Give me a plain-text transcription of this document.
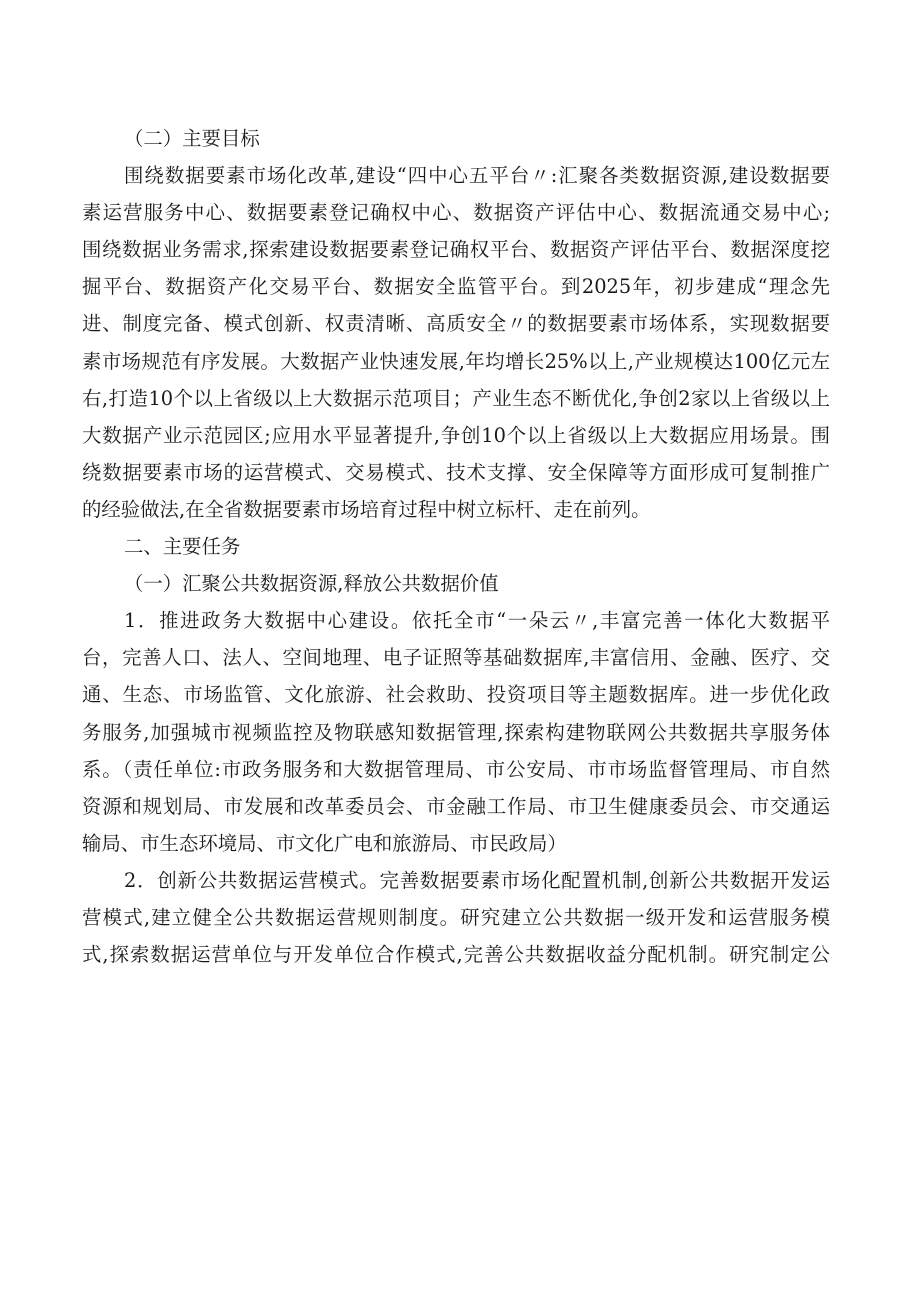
（二）主要目标
围绕数据要素市场化改革,建设“四中心五平台〃:汇聚各类数据资源,建设数据要
素运营服务中心、数据要素登记确权中心、数据资产评估中心、数据流通交易中心;
围绕数据业务需求,探索建设数据要素登记确权平台、数据资产评估平台、数据深度挖
掘平台、数据资产化交易平台、数据安全监管平台。到2025年，初步建成“理念先
进、制度完备、模式创新、权责清晰、高质安全〃的数据要素市场体系，实现数据要
素市场规范有序发展。大数据产业快速发展,年均增长25%以上,产业规模达100亿元左
右,打造10个以上省级以上大数据示范项目；产业生态不断优化,争创2家以上省级以上
大数据产业示范园区;应用水平显著提升,争创10个以上省级以上大数据应用场景。围
绕数据要素市场的运营模式、交易模式、技术支撑、安全保障等方面形成可复制推广
的经验做法,在全省数据要素市场培育过程中树立标杆、走在前列。
二、主要任务
（一）汇聚公共数据资源,释放公共数据价值
1．推进政务大数据中心建设。依托全市“一朵云〃,丰富完善一体化大数据平
台，完善人口、法人、空间地理、电子证照等基础数据库,丰富信用、金融、医疗、交
通、生态、市场监管、文化旅游、社会救助、投资项目等主题数据库。进一步优化政
务服务,加强城市视频监控及物联感知数据管理,探索构建物联网公共数据共享服务体
系。（责任单位:市政务服务和大数据管理局、市公安局、市市场监督管理局、市自然
资源和规划局、市发展和改革委员会、市金融工作局、市卫生健康委员会、市交通运
输局、市生态环境局、市文化广电和旅游局、市民政局）
2．创新公共数据运营模式。完善数据要素市场化配置机制,创新公共数据开发运
营模式,建立健全公共数据运营规则制度。研究建立公共数据一级开发和运营服务模
式,探索数据运营单位与开发单位合作模式,完善公共数据收益分配机制。研究制定公
